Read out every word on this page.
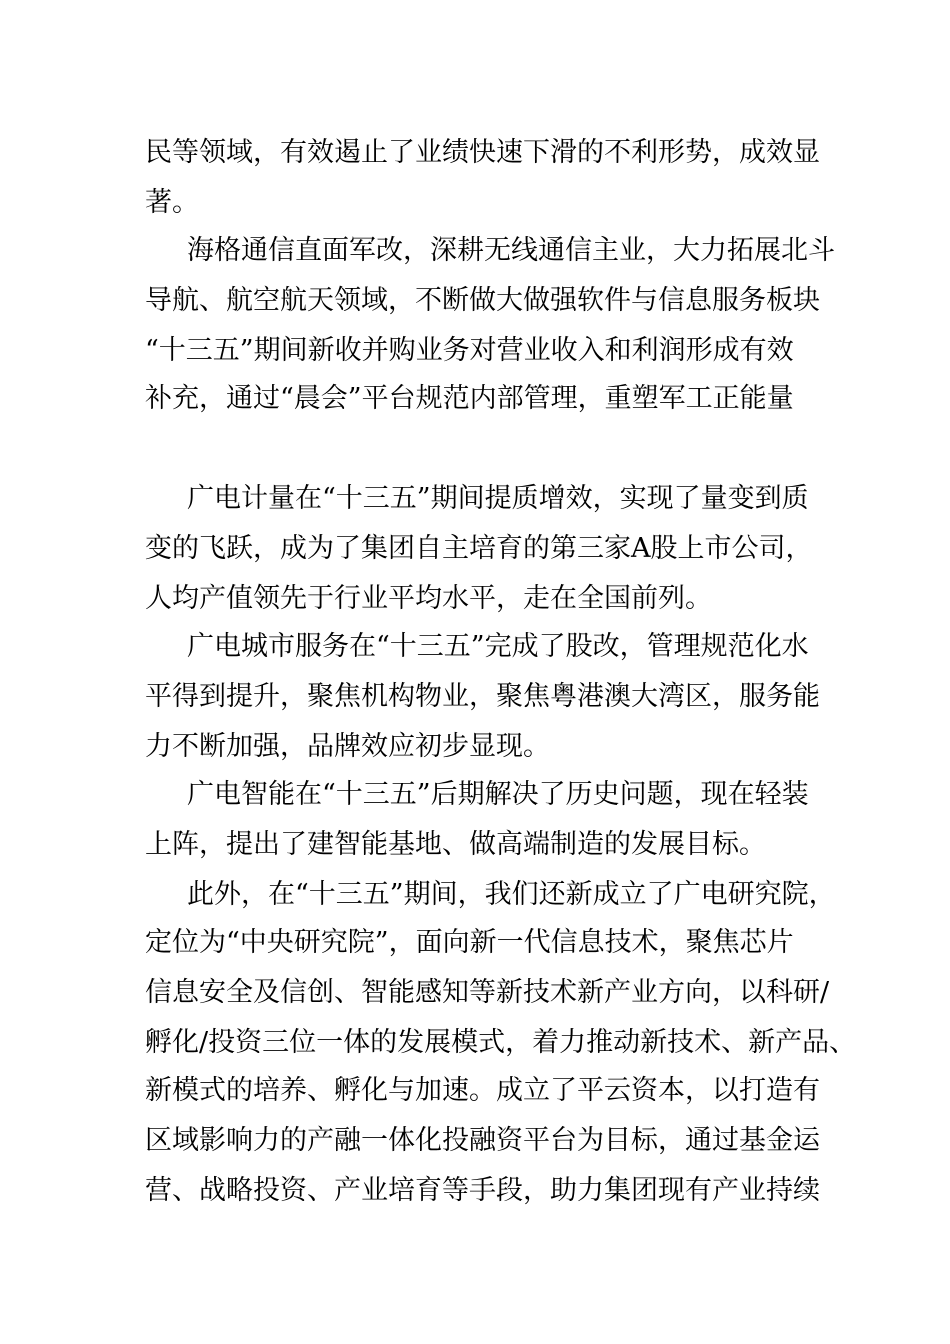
民等领域，有效遏止了业绩快速下滑的不利形势，成效显

著。

海格通信直面军改，深耕无线通信主业，大力拓展北斗

导航、航空航天领域，不断做大做强软件与信息服务板块

“十三五”期间新收并购业务对营业收入和利润形成有效

补充，通过“晨会”平台规范内部管理，重塑军工正能量

广电计量在“十三五”期间提质增效，实现了量变到质

变的飞跃，成为了集团自主培育的第三家A股上市公司，

人均产值领先于行业平均水平，走在全国前列。

广电城市服务在“十三五”完成了股改，管理规范化水

平得到提升，聚焦机构物业，聚焦粤港澳大湾区，服务能

力不断加强，品牌效应初步显现。

广电智能在“十三五”后期解决了历史问题，现在轻装

上阵，提出了建智能基地、做高端制造的发展目标。

此外，在“十三五”期间，我们还新成立了广电研究院，

定位为“中央研究院”，面向新一代信息技术，聚焦芯片

信息安全及信创、智能感知等新技术新产业方向，以科研/

孵化/投资三位一体的发展模式，着力推动新技术、新产品、

新模式的培养、孵化与加速。成立了平云资本，以打造有

区域影响力的产融一体化投融资平台为目标，通过基金运

营、战略投资、产业培育等手段，助力集团现有产业持续
